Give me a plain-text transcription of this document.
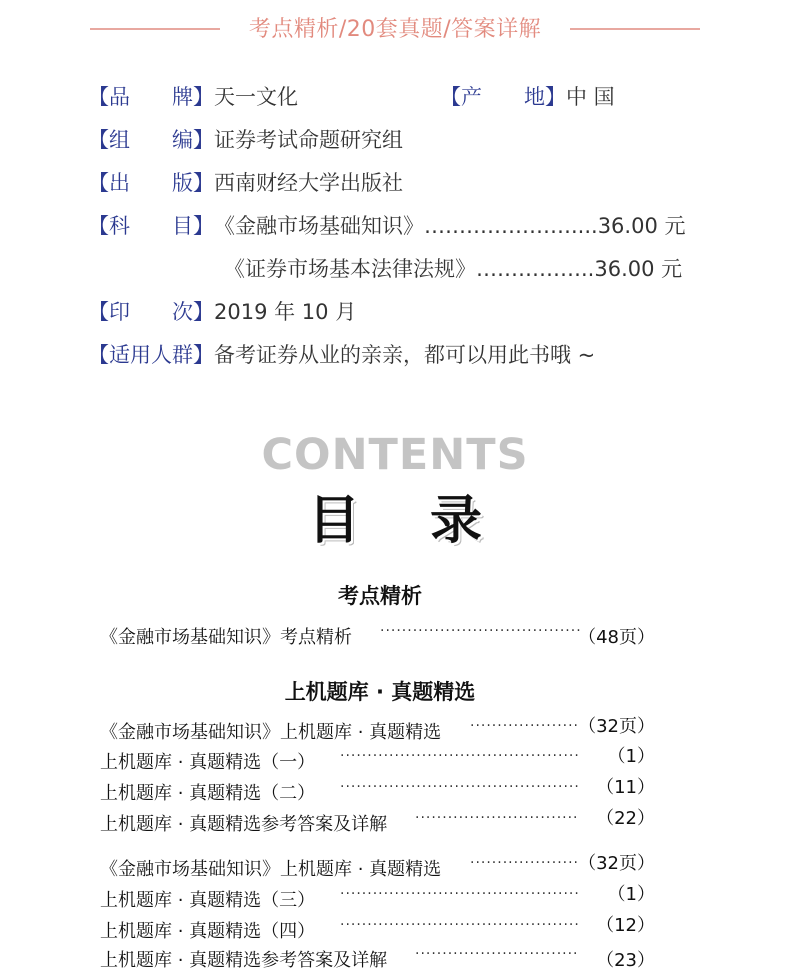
考点精析/20套真题/答案详解
【品　　牌】天一文化	【产　　地】中 国
【组　　编】证券考试命题研究组
【出　　版】西南财经大学出版社
【科　　目】《金融市场基础知识》…………………....36.00 元
《证券市场基本法律法规》……………..36.00 元
【印　　次】2019 年 10 月
【适用人群】备考证券从业的亲亲，都可以用此书哦 ~
CONTENTS
目 录
考点精析
《金融市场基础知识》考点精析 ·····································
（48页）
上机题库 · 真题精选
《金融市场基础知识》上机题库 · 真题精选 ···················· （32页）
上机题库 · 真题精选（一） ············································ （1）
上机题库 · 真题精选（二） ············································ （11）
上机题库 · 真题精选参考答案及详解 ······························ （22）
《金融市场基础知识》上机题库 · 真题精选 ···················· （32页）
上机题库 · 真题精选（三） ············································ （1）
上机题库 · 真题精选（四） ············································ （12）
上机题库 · 真题精选参考答案及详解 ······························ （23）
